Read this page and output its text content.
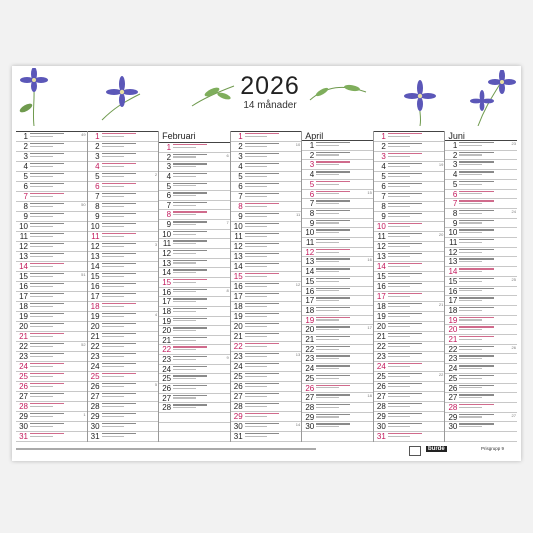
2026
14 månader
1	49
2
3
4
5
6
7
8	50
9
10
11
12
13
14
15	51
16
17
18
19
20
21
22	52
23
24
25
26
27
28
29	1
30
31
1
2
3
4
5	2
6
7
8
9
10
11
12	3
13
14
15
16
17
18
19	4
20
21
22
23
24
25
26	5
27
28
29
30
31
Februari
1
2	6
3
4
5
6
7
8
9	7
10
11
12
13
14
15
16	8
17
18
19
20
21
22
23	9
24
25
26
27
28
1
2	10
3
4
5
6
7
8
9	11
10
11
12
13
14
15
16	12
17
18
19
20
21
22
23	13
24
25
26
27
28
29
30	14
31
April
1
2
3
4
5
6	15
7
8
9
10
11
12
13	16
14
15
16
17
18
19
20	17
21
22
23
24
25
26
27	18
28
29
30
1
2
3
4	19
5
6
7
8
9
10
11	20
12
13
14
15
16
17
18	21
19
20
21
22
23
24
25	22
26
27
28
29
30
31
Juni
1	23
2
3
4
5
6
7
8	24
9
10
11
12
13
14
15	25
16
17
18
19
20
21
22	26
23
24
25
26
27
28
29	27
30
burde	Prisgrupp 9
